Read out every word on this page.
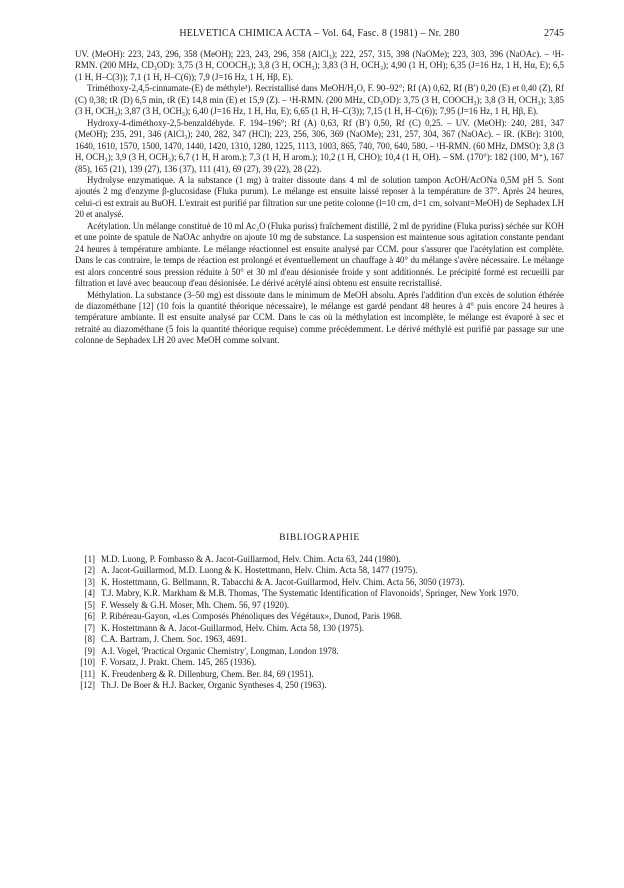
HELVETICA CHIMICA ACTA – Vol. 64, Fasc. 8 (1981) – Nr. 280	2745

UV. (MeOH): 223, 243, 296, 358 (MeOH); 223, 243, 296, 358 (AlCl₃); 222, 257, 315, 398 (NaOMe); 223, 303, 396 (NaOAc). – ¹H-RMN. (200 MHz, CD₃OD): 3,75 (3 H, COOCH₃); 3,8 (3 H, OCH₃); 3,83 (3 H, OCH₃); 4,90 (1 H, OH); 6,35 (J=16 Hz, 1 H, Hα, E); 6,5 (1 H, H–C(3)); 7,1 (1 H, H–C(6)); 7,9 (J=16 Hz, 1 H, Hβ, E).

Triméthoxy-2,4,5-cinnamate-(E) de méthyle³). Recristallisé dans MeOH/H₂O, F. 90–92°; Rf (A) 0,62, Rf (B′) 0,20 (E) et 0,40 (Z), Rf (C) 0,38; tR (D) 6,5 min, tR (E) 14,8 min (E) et 15,9 (Z). – ¹H-RMN. (200 MHz, CD₃OD): 3,75 (3 H, COOCH₃); 3,8 (3 H, OCH₃); 3,85 (3 H, OCH₃); 3,87 (3 H, OCH₃); 6,40 (J=16 Hz, 1 H, Hα, E); 6,65 (1 H, H–C(3)); 7,15 (1 H, H–C(6)); 7,95 (J=16 Hz, 1 H, Hβ, E).

Hydroxy-4-diméthoxy-2,5-benzaldéhyde. F. 194–196°; Rf (A) 0,63, Rf (B′) 0,50, Rf (C) 0,25. – UV. (MeOH): 240, 281, 347 (MeOH); 235, 291, 346 (AlCl₃); 240, 282, 347 (HCl); 223, 256, 306, 369 (NaOMe); 231, 257, 304, 367 (NaOAc). – IR. (KBr): 3100, 1640, 1610, 1570, 1500, 1470, 1440, 1420, 1310, 1280, 1225, 1113, 1003, 865, 740, 700, 640, 580. – ¹H-RMN. (60 MHz, DMSO): 3,8 (3 H, OCH₃); 3,9 (3 H, OCH₃); 6,7 (1 H, H arom.); 7,3 (1 H, H arom.); 10,2 (1 H, CHO); 10,4 (1 H, OH). – SM. (170°): 182 (100, M⁺), 167 (85), 165 (21), 139 (27), 136 (37), 111 (41), 69 (27), 39 (22), 28 (22).

Hydrolyse enzymatique. A la substance (1 mg) à traiter dissoute dans 4 ml de solution tampon AcOH/AcONa 0,5M pH 5. Sont ajoutés 2 mg d'enzyme β-glucosidase (Fluka purum). Le mélange est ensuite laissé reposer à la température de 37°. Après 24 heures, celui-ci est extrait au BuOH. L'extrait est purifié par filtration sur une petite colonne (l=10 cm, d=1 cm, solvant=MeOH) de Sephadex LH 20 et analysé.

Acétylation. Un mélange constitué de 10 ml Ac₂O (Fluka puriss) fraîchement distillé, 2 ml de pyridine (Fluka puriss) séchée sur KOH et une pointe de spatule de NaOAc anhydre on ajoute 10 mg de substance. La suspension est maintenue sous agitation constante pendant 24 heures à température ambiante. Le mélange réactionnel est ensuite analysé par CCM. pour s'assurer que l'acétylation est complète. Dans le cas contraire, le temps de réaction est prolongé et éventuellement un chauffage à 40° du mélange s'avère nécessaire. Le mélange est alors concentré sous pression réduite à 50° et 30 ml d'eau désionisée froide y sont additionnés. Le précipité formé est recueilli par filtration et lavé avec beaucoup d'eau désionisée. Le dérivé acétylé ainsi obtenu est ensuite recristallisé.

Méthylation. La substance (3–50 mg) est dissoute dans le minimum de MeOH absolu. Après l'addition d'un excès de solution éthérée de diazométhane [12] (10 fois la quantité théorique nécessaire), le mélange est gardé pendant 48 heures à 4° puis encore 24 heures à température ambiante. Il est ensuite analysé par CCM. Dans le cas où la méthylation est incomplète, le mélange est évaporé à sec et retraité au diazométhane (5 fois la quantité théorique requise) comme précédemment. Le dérivé méthylé est purifié par passage sur une colonne de Sephadex LH 20 avec MeOH comme solvant.

BIBLIOGRAPHIE
[1] M.D. Luong, P. Fombasso & A. Jacot-Guillarmod, Helv. Chim. Acta 63, 244 (1980).
[2] A. Jacot-Guillarmod, M.D. Luong & K. Hostettmann, Helv. Chim. Acta 58, 1477 (1975).
[3] K. Hostettmann, G. Bellmann, R. Tabacchi & A. Jacot-Guillarmod, Helv. Chim. Acta 56, 3050 (1973).
[4] T.J. Mabry, K.R. Markham & M.B. Thomas, 'The Systematic Identification of Flavonoids', Springer, New York 1970.
[5] F. Wessely & G.H. Moser, Mh. Chem. 56, 97 (1920).
[6] P. Ribéreau-Gayon, «Les Composés Phénoliques des Végétaux», Dunod, Paris 1968.
[7] K. Hostettmann & A. Jacot-Guillarmod, Helv. Chim. Acta 58, 130 (1975).
[8] C.A. Bartram, J. Chem. Soc. 1963, 4691.
[9] A.I. Vogel, 'Practical Organic Chemistry', Longman, London 1978.
[10] F. Vorsatz, J. Prakt. Chem. 145, 265 (1936).
[11] K. Freudenberg & R. Dillenburg, Chem. Ber. 84, 69 (1951).
[12] Th.J. De Boer & H.J. Backer, Organic Syntheses 4, 250 (1963).
